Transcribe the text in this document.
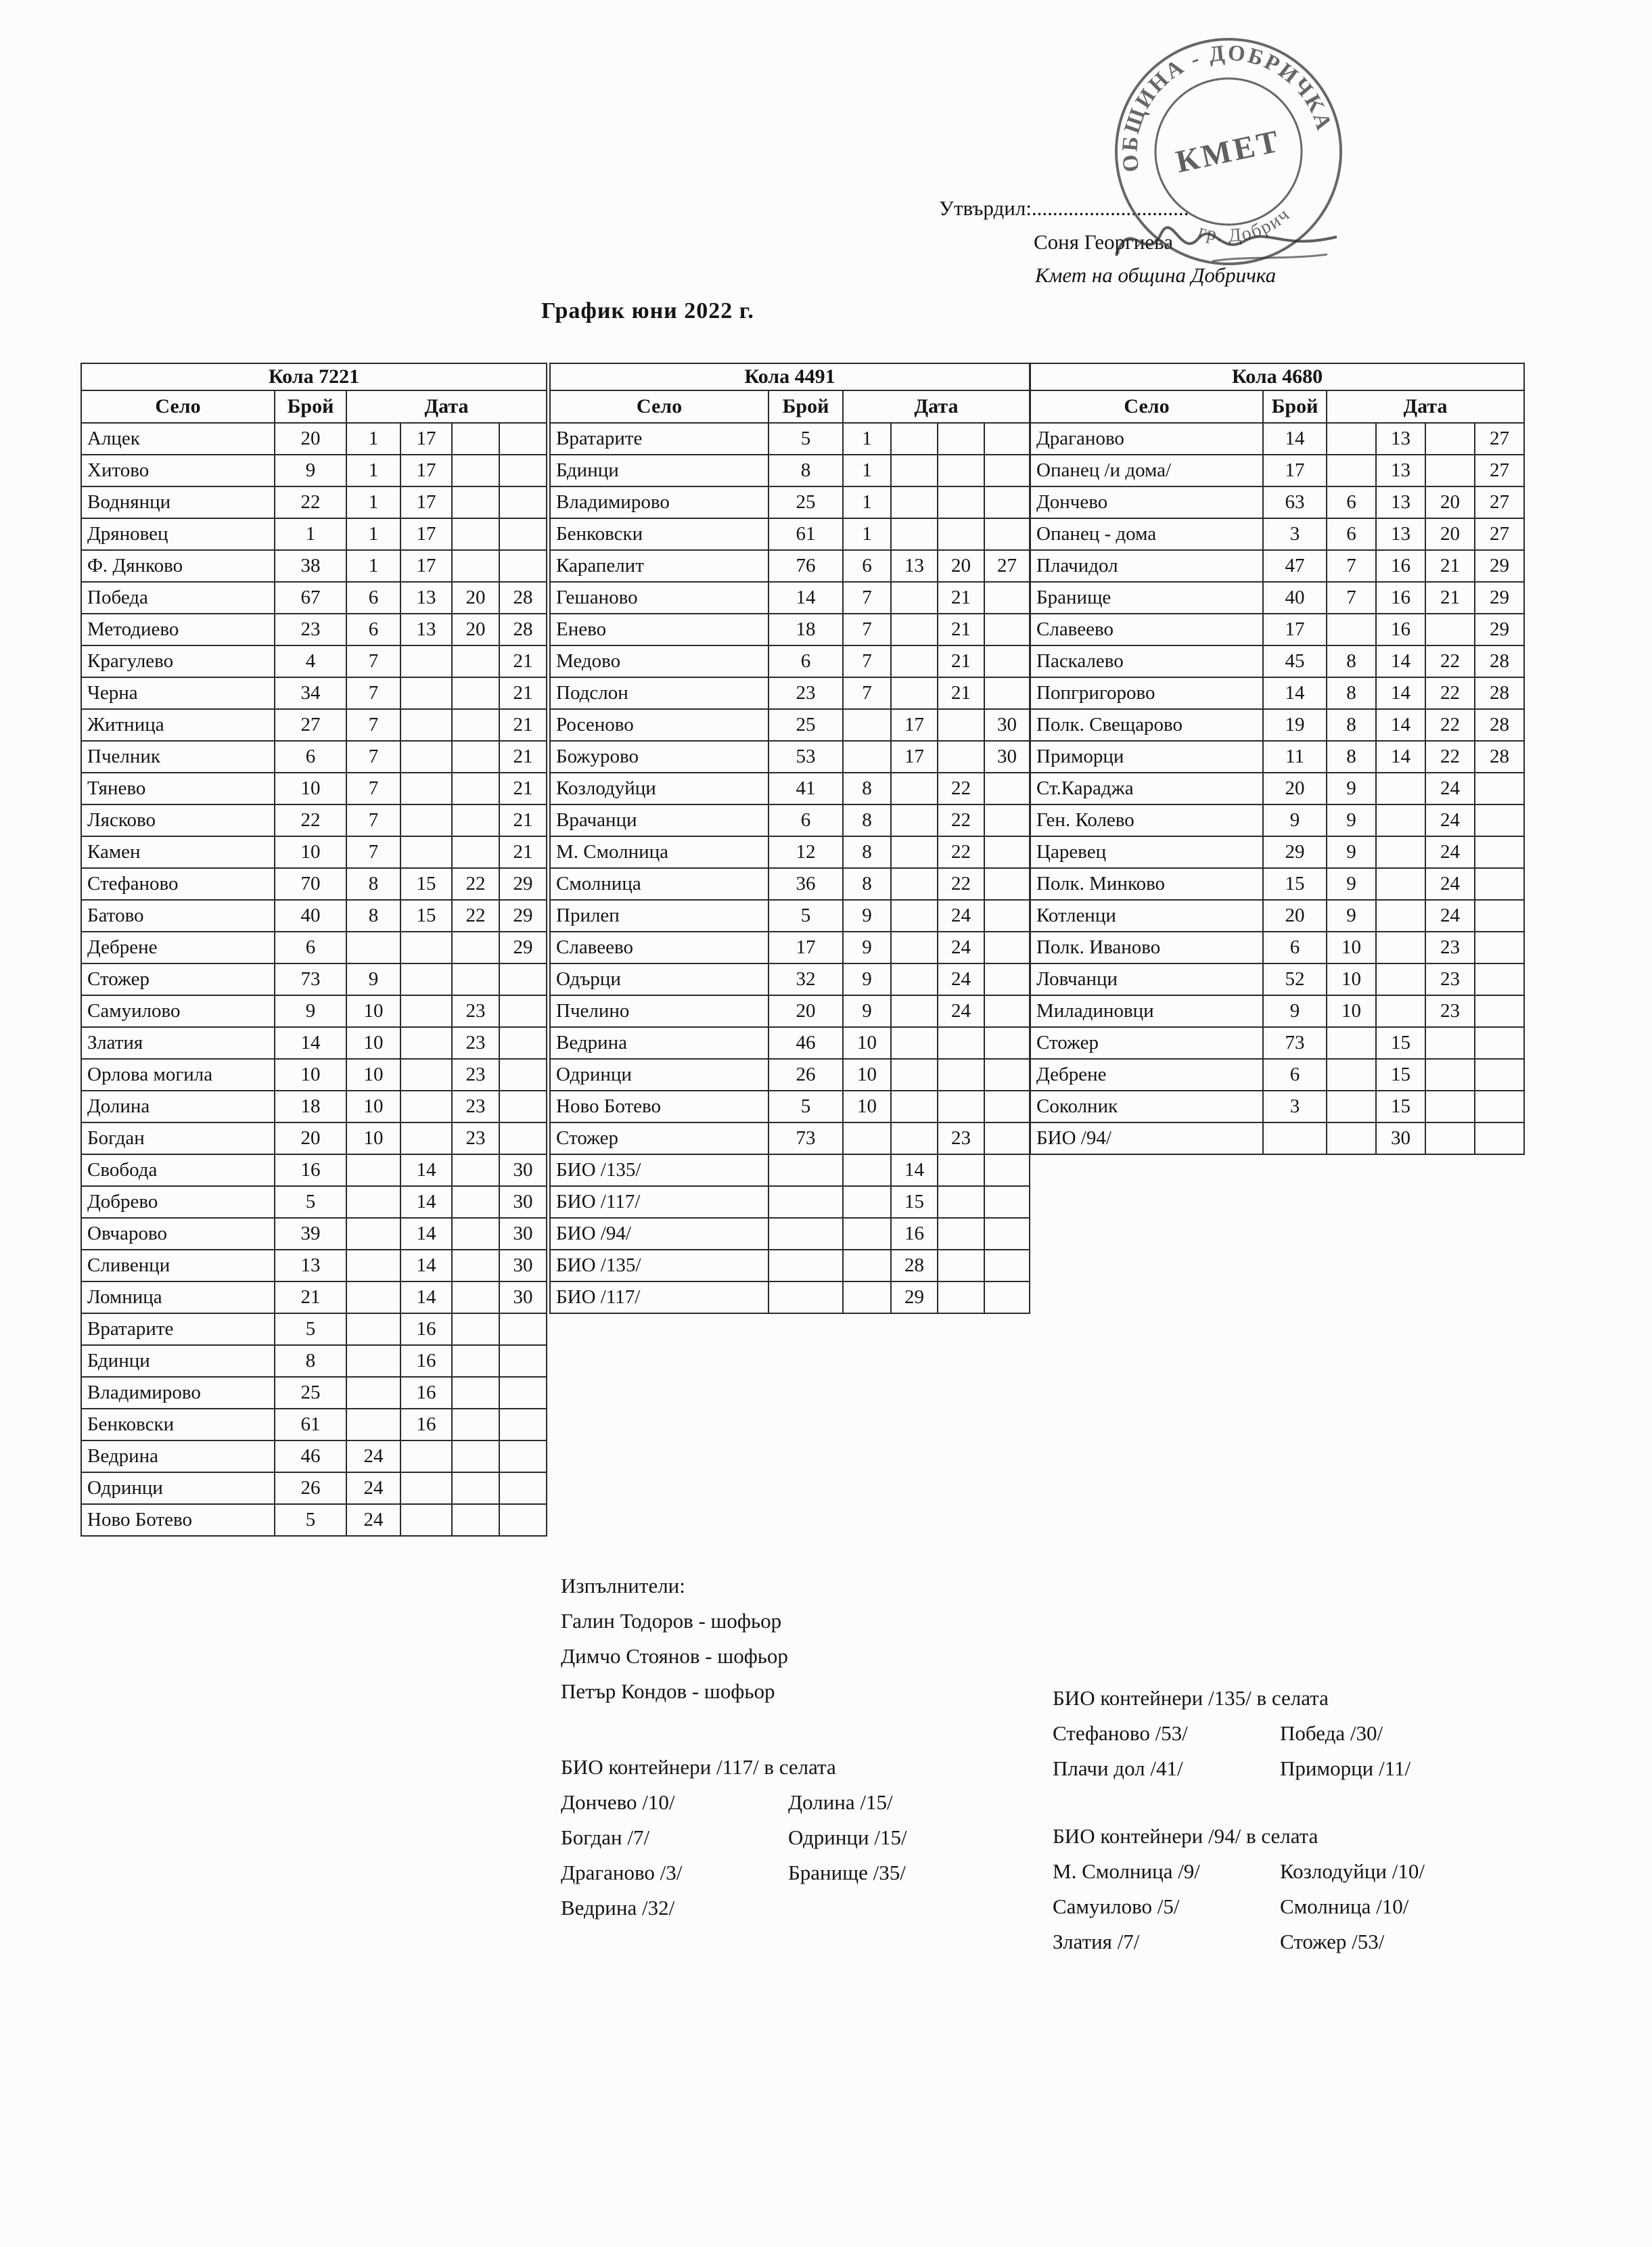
Утвърдил:..............................
Соня Георгиева
Кмет на община Добричка
ОБЩИНА - ДОБРИЧКА
гр. Добрич
КМЕТ
График юни 2022 г.
Кола 7221					
Село	Брой	Дата			
Алцек	20	1	17		
Хитово	9	1	17		
Воднянци	22	1	17		
Дряновец	1	1	17		
Ф. Дянково	38	1	17		
Победа	67	6	13	20	28
Методиево	23	6	13	20	28
Крагулево	4	7			21
Черна	34	7			21
Житница	27	7			21
Пчелник	6	7			21
Тянево	10	7			21
Лясково	22	7			21
Камен	10	7			21
Стефаново	70	8	15	22	29
Батово	40	8	15	22	29
Дебрене	6				29
Стожер	73	9			
Самуилово	9	10		23	
Златия	14	10		23	
Орлова могила	10	10		23	
Долина	18	10		23	
Богдан	20	10		23	
Свобода	16		14		30
Добрево	5		14		30
Овчарово	39		14		30
Сливенци	13		14		30
Ломница	21		14		30
Вратарите	5		16		
Бдинци	8		16		
Владимирово	25		16		
Бенковски	61		16		
Ведрина	46	24			
Одринци	26	24			
Ново Ботево	5	24			
Кола 4491					
Село	Брой	Дата			
Вратарите	5	1			
Бдинци	8	1			
Владимирово	25	1			
Бенковски	61	1			
Карапелит	76	6	13	20	27
Гешаново	14	7		21	
Енево	18	7		21	
Медово	6	7		21	
Подслон	23	7		21	
Росеново	25		17		30
Божурово	53		17		30
Козлодуйци	41	8		22	
Врачанци	6	8		22	
М. Смолница	12	8		22	
Смолница	36	8		22	
Прилеп	5	9		24	
Славеево	17	9		24	
Одърци	32	9		24	
Пчелино	20	9		24	
Ведрина	46	10			
Одринци	26	10			
Ново Ботево	5	10			
Стожер	73			23	
БИО /135/			14		
БИО /117/			15		
БИО /94/			16		
БИО /135/			28		
БИО /117/			29		
Кола 4680					
Село	Брой	Дата			
Драганово	14		13		27
Опанец /и дома/	17		13		27
Дончево	63	6	13	20	27
Опанец - дома	3	6	13	20	27
Плачидол	47	7	16	21	29
Бранище	40	7	16	21	29
Славеево	17		16		29
Паскалево	45	8	14	22	28
Попгригорово	14	8	14	22	28
Полк. Свещарово	19	8	14	22	28
Приморци	11	8	14	22	28
Ст.Караджа	20	9		24	
Ген. Колево	9	9		24	
Царевец	29	9		24	
Полк. Минково	15	9		24	
Котленци	20	9		24	
Полк. Иваново	6	10		23	
Ловчанци	52	10		23	
Миладиновци	9	10		23	
Стожер	73		15		
Дебрене	6		15		
Соколник	3		15		
БИО /94/			30		
Изпълнители:
Галин Тодоров - шофьор
Димчо Стоянов - шофьор
Петър Кондов - шофьор
БИО контейнери /117/ в селата
Дончево /10/	Долина /15/
Богдан /7/	Одринци /15/
Драганово /3/	Бранище /35/
Ведрина /32/
БИО контейнери /135/ в селата
Стефаново /53/	Победа /30/
Плачи дол /41/	Приморци /11/
БИО контейнери /94/ в селата
М. Смолница /9/	Козлодуйци /10/
Самуилово /5/	Смолница /10/
Златия /7/	Стожер /53/
